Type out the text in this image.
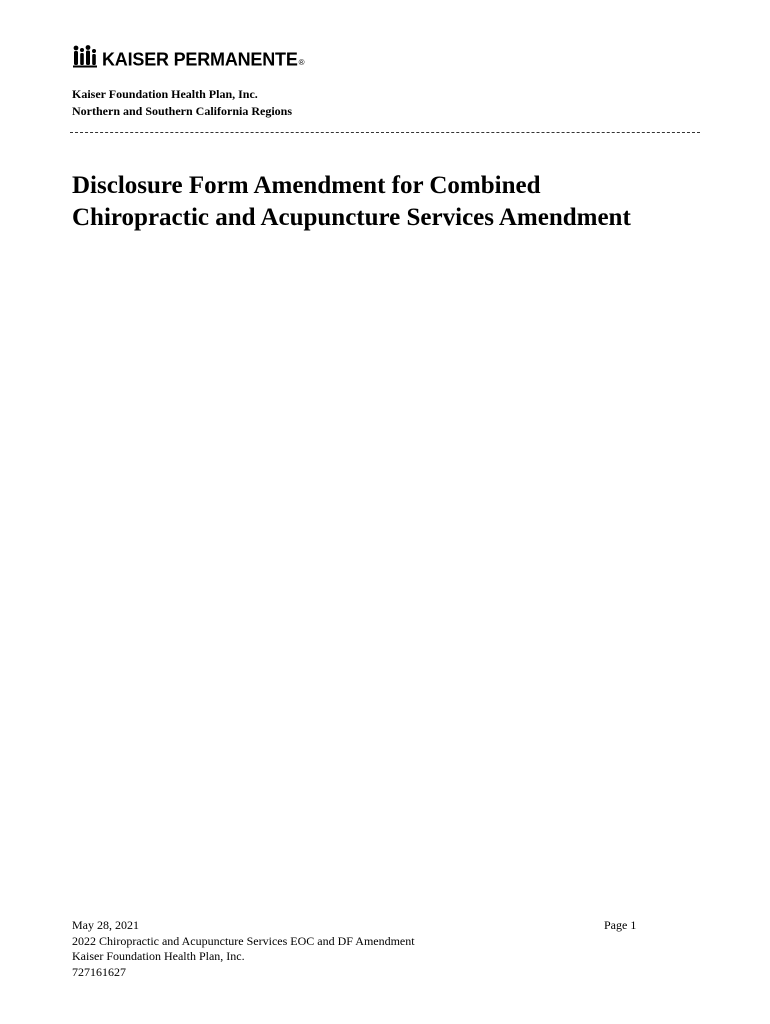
KAISER PERMANENTE ®
Kaiser Foundation Health Plan, Inc.
Northern and Southern California Regions
Disclosure Form Amendment for Combined
Chiropractic and Acupuncture Services Amendment
May 28, 2021
2022 Chiropractic and Acupuncture Services EOC and DF Amendment
Kaiser Foundation Health Plan, Inc.
727161627
Page 1
